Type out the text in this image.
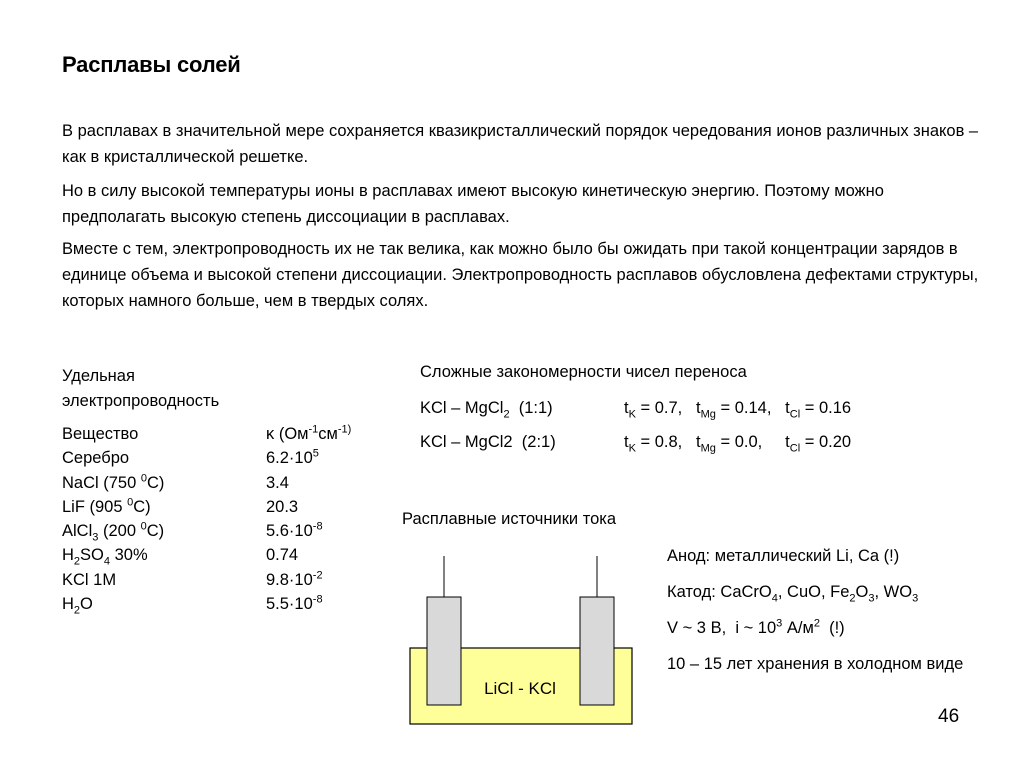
Расплавы солей
В расплавах в значительной мере сохраняется квазикристаллический порядок чередования ионов различных знаков – как в кристаллической решетке.
Но в силу высокой температуры ионы в расплавах имеют высокую кинетическую энергию. Поэтому можно предполагать высокую степень диссоциации в расплавах.
Вместе с тем, электропроводность их не так велика, как можно было бы ожидать при такой концентрации зарядов в единице объема и высокой степени диссоциации. Электропроводность расплавов обусловлена дефектами структуры, которых намного больше, чем в твердых солях.
Удельная
электропроводность
Вещество	κ ($Ом^{-1}см^{-1)}$
Серебро	$6.2\cdot 10^5$
NaCl (750 $^0$C)	3.4
LiF (905 $^0$C)	20.3
AlCl$_3$ (200 $^0$C)	$5.6\cdot 10^{-8}$
$H_2SO_4$ 30%	0.74
KCl 1M	$9.8\cdot 10^{-2}$
$H_2O$	$5.5\cdot 10^{-8}$
Сложные закономерности чисел переноса
KCl – MgCl$_2$  (1:1)	$t_K = 0.7$,   $t_{Mg} = 0.14$,   $t_{Cl} = 0.16$
KCl – MgCl2  (2:1)	$t_K = 0.8$,   $t_{Mg} = 0.0$,     $t_{Cl} = 0.20$
Расплавные источники тока
LiCl - KCl
Анод: металлический Li, Ca (!)
Катод: CaCrO$_4$, CuO, $Fe_2O_3$, $WO_3$
V ~ 3 В,  i ~ $10^3$ $А/м^2$  (!)
10 – 15 лет хранения в холодном виде
46
